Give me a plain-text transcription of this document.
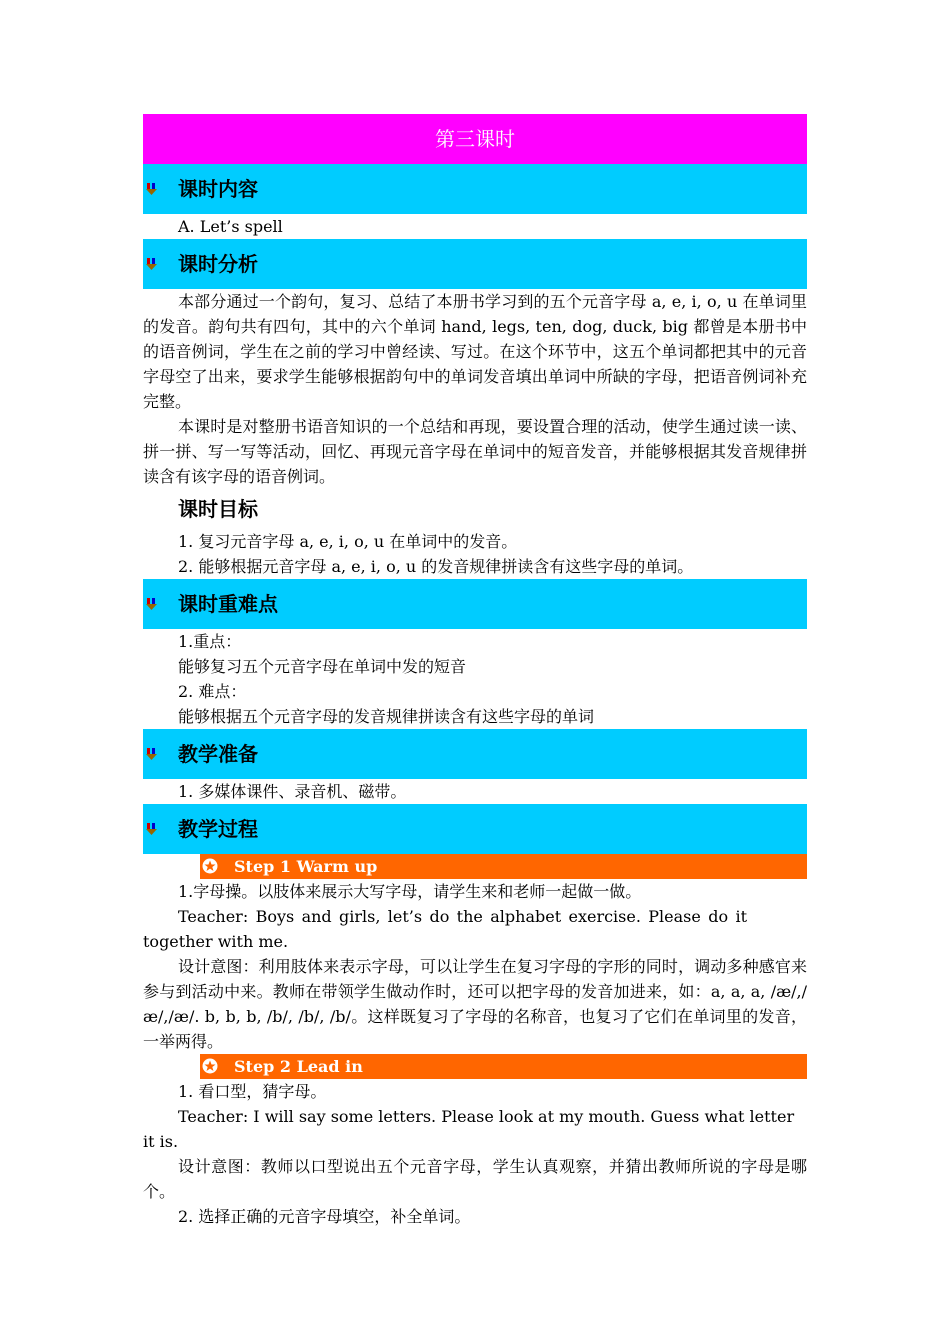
第三课时
课时内容

A. Let’s spell

课时分析

本部分通过一个韵句，复习、总结了本册书学习到的五个元音字母 a, e, i, o, u 在单词里的发音。韵句共有四句，其中的六个单词 hand, legs, ten, dog, duck, big 都曾是本册书中的语音例词，学生在之前的学习中曾经读、写过。在这个环节中，这五个单词都把其中的元音字母空了出来，要求学生能够根据韵句中的单词发音填出单词中所缺的字母，把语音例词补充完整。

本课时是对整册书语音知识的一个总结和再现，要设置合理的活动，使学生通过读一读、拼一拼、写一写等活动，回忆、再现元音字母在单词中的短音发音，并能够根据其发音规律拼读含有该字母的语音例词。

课时目标

1. 复习元音字母 a, e, i, o, u 在单词中的发音。

2. 能够根据元音字母 a, e, i, o, u 的发音规律拼读含有这些字母的单词。

课时重难点

1.重点：

能够复习五个元音字母在单词中发的短音

2. 难点：

能够根据五个元音字母的发音规律拼读含有这些字母的单词

教学准备

1. 多媒体课件、录音机、磁带。

教学过程
Step 1 Warm up

1.字母操。以肢体来展示大写字母，请学生来和老师一起做一做。

Teacher: Boys and girls, let’s do the alphabet exercise. Please do it together with me.

设计意图：利用肢体来表示字母，可以让学生在复习字母的字形的同时，调动多种感官来参与到活动中来。教师在带领学生做动作时，还可以把字母的发音加进来，如：a, a, a, /æ/,/æ/,/æ/. b, b, b, /b/, /b/, /b/。这样既复习了字母的名称音，也复习了它们在单词里的发音，一举两得。

Step 2 Lead in

1. 看口型，猜字母。

Teacher: I will say some letters. Please look at my mouth. Guess what letter it is.

设计意图：教师以口型说出五个元音字母，学生认真观察，并猜出教师所说的字母是哪个。

2. 选择正确的元音字母填空，补全单词。
